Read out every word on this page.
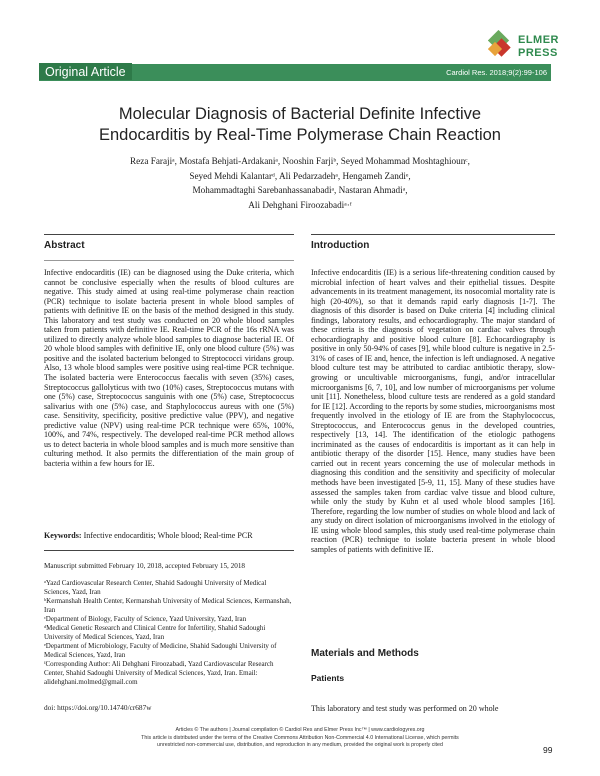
ELMER
PRESS
Original Article	Cardiol Res. 2018;9(2):99-106
Molecular Diagnosis of Bacterial Definite Infective
Endocarditis by Real-Time Polymerase Chain Reaction
Reza Farajiᵃ, Mostafa Behjati-Ardakaniᵃ, Nooshin Farjiᵇ, Seyed Mohammad Moshtaghiounᶜ,
Seyed Mehdi Kalantarᵈ, Ali Pedarzadehᵃ, Hengameh Zandiᵉ,
Mohammadtaghi Sarebanhassanabadiᵃ, Nastaran Ahmadiᵃ,
Ali Dehghani Firoozabadiᵃ·ᶠ
Abstract
Infective endocarditis (IE) can be diagnosed using the Duke criteria, which cannot be conclusive especially when the results of blood cultures are negative. This study aimed at using real-time polymerase chain reaction (PCR) technique to isolate bacteria present in whole blood samples of patients with definitive IE on the basis of the method designed in this study. This laboratory and test study was conducted on 20 whole blood samples taken from patients with definitive IE. Real-time PCR of the 16s rRNA was utilized to directly analyze whole blood samples to diagnose bacterial IE. Of 20 whole blood samples with definitive IE, only one blood culture (5%) was positive and the isolated bacterium belonged to Streptococci viridans group. Also, 13 whole blood samples were positive using real-time PCR technique. The isolated bacteria were Enterococcus faecalis with seven (35%) cases, Streptococcus gallolyticus with two (10%) cases, Streptococcus mutans with one (5%) case, Streptococcus sanguinis with one (5%) case, Streptococcus salivarius with one (5%) case, and Staphylococcus aureus with one (5%) case. Sensitivity, specificity, positive predictive value (PPV), and negative predictive value (NPV) using real-time PCR technique were 65%, 100%, 100%, and 74%, respectively. The developed real-time PCR method allows us to detect bacteria in whole blood samples and is much more sensitive than culturing method. It also permits the differentiation of the main group of bacteria within a few hours for IE.
Keywords: Infective endocarditis; Whole blood; Real-time PCR
Manuscript submitted February 10, 2018, accepted February 15, 2018

ᵃYazd Cardiovascular Research Center, Shahid Sadoughi University of Medical Sciences, Yazd, Iran

ᵇKermanshah Health Center, Kermanshah University of Medical Sciences, Kermanshah, Iran

ᶜDepartment of Biology, Faculty of Science, Yazd University, Yazd, Iran

ᵈMedical Genetic Research and Clinical Centre for Infertility, Shahid Sadoughi University of Medical Sciences, Yazd, Iran

ᵉDepartment of Microbiology, Faculty of Medicine, Shahid Sadoughi University of Medical Sciences, Yazd, Iran

ᶠCorresponding Author: Ali Dehghani Firoozabadi, Yazd Cardiovascular Research Center, Shahid Sadoughi University of Medical Sciences, Yazd, Iran. Email: alidehghani.molmed@gmail.com

doi: https://doi.org/10.14740/cr687w
Introduction
Infective endocarditis (IE) is a serious life-threatening condition caused by microbial infection of heart valves and their epithelial tissues. Despite advancements in its treatment management, its nosocomial mortality rate is high (20-40%), so that it demands rapid early diagnosis [1-7]. The diagnosis of this disorder is based on Duke criteria [4] including clinical findings, laboratory results, and echocardiography. The major standard of these criteria is the diagnosis of vegetation on cardiac valves through echocardiography and positive blood culture [8]. Echocardiography is positive in only 50-94% of cases [9], while blood culture is negative in 2.5-31% of cases of IE and, hence, the infection is left undiagnosed. A negative blood culture test may be attributed to cardiac antibiotic therapy, slow-growing or uncultivable microorganisms, fungi, and/or intracellular microorganisms [6, 7, 10], and low number of microorganisms per volume unit [11]. Nonetheless, blood culture tests are rendered as a gold standard for IE [12]. According to the reports by some studies, microorganisms most frequently involved in the etiology of IE are from the Staphylococcus, Streptococcus, and Enterococcus genus in the developed countries, respectively [13, 14]. The identification of the etiologic pathogens incriminated as the causes of endocarditis is important as it can help in antibiotic therapy of the disorder [15]. Hence, many studies have been carried out in recent years concerning the use of molecular methods in diagnosing this condition and the sensitivity and specificity of molecular methods have been investigated [5-9, 11, 15]. Many of these studies have assessed the samples taken from cardiac valve tissue and blood culture, while only the study by Kuhn et al used whole blood samples [16]. Therefore, regarding the low number of studies on whole blood and lack of any study on direct isolation of microorganisms involved in the etiology of IE using whole blood samples, this study used real-time polymerase chain reaction (PCR) technique to isolate bacteria present in whole blood samples of patients with definitive IE.
Materials and Methods
Patients
This laboratory and test study was performed on 20 whole
Articles © The authors | Journal compilation © Cardiol Res and Elmer Press Inc™ | www.cardiologyres.org
This article is distributed under the terms of the Creative Commons Attribution Non-Commercial 4.0 International License, which permits
unrestricted non-commercial use, distribution, and reproduction in any medium, provided the original work is properly cited	99
